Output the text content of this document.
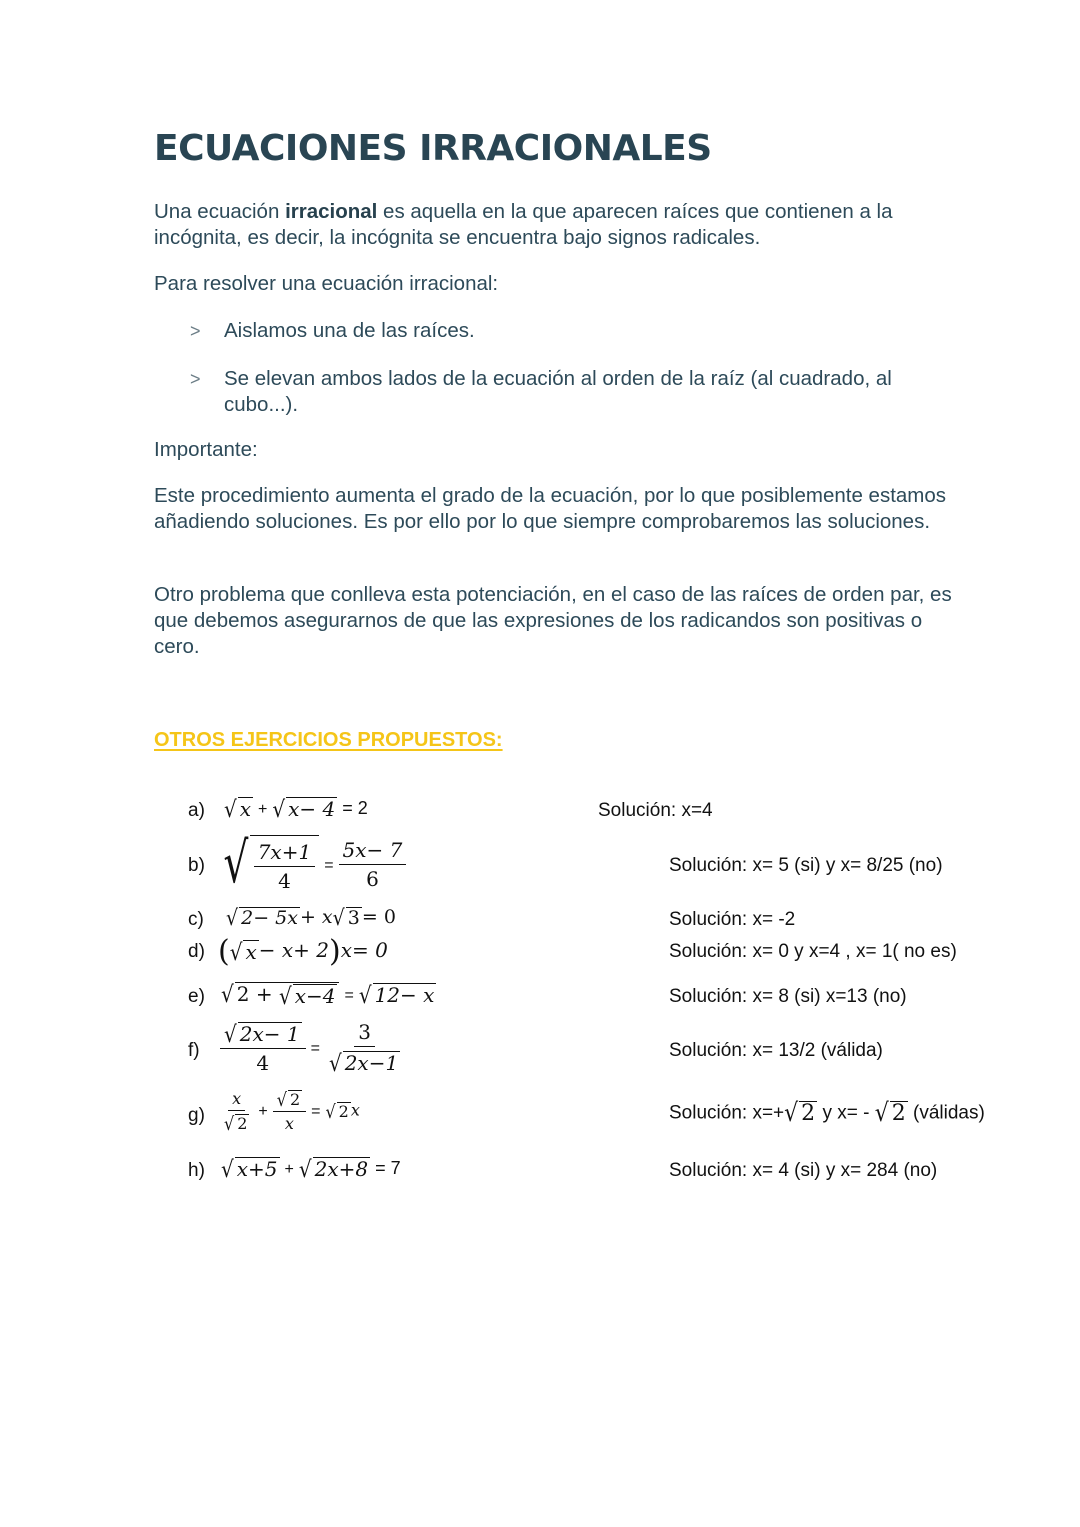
ECUACIONES IRRACIONALES

Una ecuación irracional es aquella en la que aparecen raíces que contienen a la incógnita, es decir, la incógnita se encuentra bajo signos radicales.

Para resolver una ecuación irracional:

> Aislamos una de las raíces.
> Se elevan ambos lados de la ecuación al orden de la raíz (al cuadrado, al cubo...).

Importante:

Este procedimiento aumenta el grado de la ecuación, por lo que posiblemente estamos añadiendo soluciones. Es por ello por lo que siempre comprobaremos las soluciones.

Otro problema que conlleva esta potenciación, en el caso de las raíces de orden par, es que debemos asegurarnos de que las expresiones de los radicandos son positivas o cero.

OTROS EJERCICIOS PROPUESTOS:
a) √ x + √ x− 4 = 2	Solución: x=4
b) √ $\frac{7x+1}{4} = \frac{5x- 7}{6}$	Solución: x= 5 (si) y x= 8/25 (no)
c) √ 2− 5x + x√ 3 = 0	Solución: x= -2
d) (√ x − x+ 2)x= 0	Solución: x= 0 y x=4 , x= 1( no es)
e) √ 2 + √ x−4 = √ 12− x	Solución: x= 8 (si) x=13 (no)
$f) \frac{√ 2x- 1}{4} = \frac{3}{√ 2x-1}$	Solución: x= 13/2 (válida)
$g) \frac{x}{√ 2} + \frac{√ 2}{x}$ = √ 2 x	Solución: x=+√ 2 y x= - √ 2 (válidas)
h) √ x+5 + √ 2x+8 = 7	Solución: x= 4 (si) y x= 284 (no)
